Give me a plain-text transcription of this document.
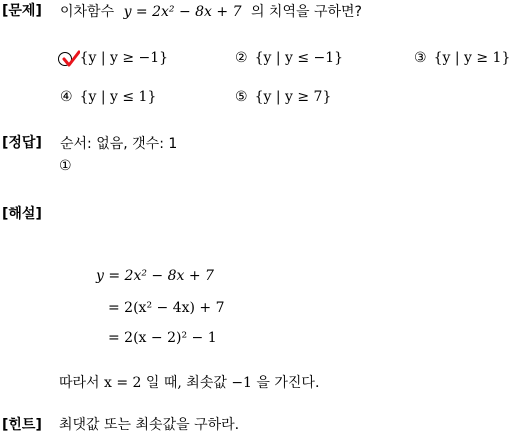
[문제] 이차함수 y = 2x² − 8x + 7 의 치역을 구하면?
{y | y ≥ −1}	② {y | y ≤ −1}	③ {y | y ≥ 1}
④ {y | y ≤ 1}	⑤ {y | y ≥ 7}
[정답] 순서: 없음, 갯수: 1
①
[해설]
y = 2x² − 8x + 7
= 2(x² − 4x) + 7
= 2(x − 2)² − 1
따라서 x = 2 일 때, 최솟값 −1 을 가진다.
[힌트] 최댓값 또는 최솟값을 구하라.
